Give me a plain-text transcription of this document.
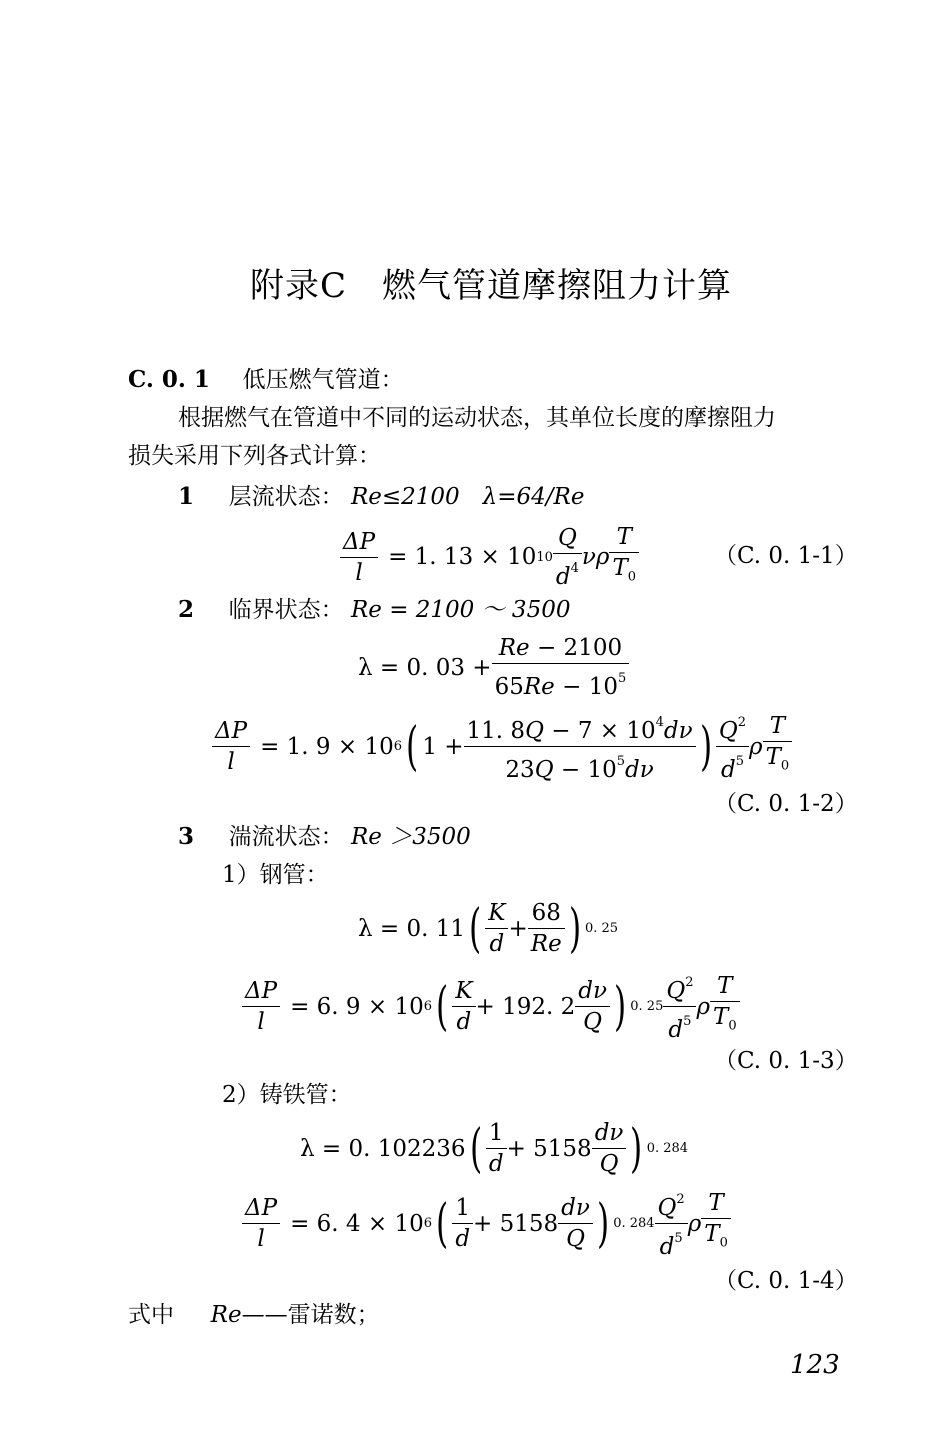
附录C　燃气管道摩擦阻力计算
C. 0. 1 低压燃气管道：
根据燃气在管道中不同的运动状态，其单位长度的摩擦阻力
损失采用下列各式计算：
1 层流状态： Re≤2100　λ=64/Re
$\frac{\Delta P}{l} = 1$. 13 × 10 $10 \frac{Q}{d^4}$ νρ $\frac{T}{T_0}$	（C. 0. 1-1）
2 临界状态： Re = 2100 ～ 3500
λ = 0. $03 + \frac{Re - 2100}{65Re - 10^5}$
$\frac{\Delta P}{l} = 1$. 9 × 10 6 ( $1 + \frac{11. 8Q - 7 \times 10^4d\nu}{23Q - 10^5d\nu}$ ) $\frac{Q^2}{d^5}$ ρ $\frac{T}{T_0}$
（C. 0. 1-2）
3 湍流状态： Re ＞3500
1）钢管：
λ = 0. 11 ( $\frac{K}{d} + \frac{68}{Re}$ ) 0. 25
$\frac{\Delta P}{l} = 6$. 9 × 10 6 ( $\frac{K}{d} + 192$. $2 \frac{d\nu}{Q}$ ) 0. $25 \frac{Q^2}{d^5}$ ρ $\frac{T}{T_0}$
（C. 0. 1-3）
2）铸铁管：
λ = 0. 102236 ( $\frac{1}{d} + 5158 \frac{d\nu}{Q}$ ) 0. 284
$\frac{\Delta P}{l} = 6$. 4 × 10 6 ( $\frac{1}{d} + 5158 \frac{d\nu}{Q}$ ) 0. $284 \frac{Q^2}{d^5}$ ρ $\frac{T}{T_0}$
（C. 0. 1-4）
式中 Re——雷诺数；
123
